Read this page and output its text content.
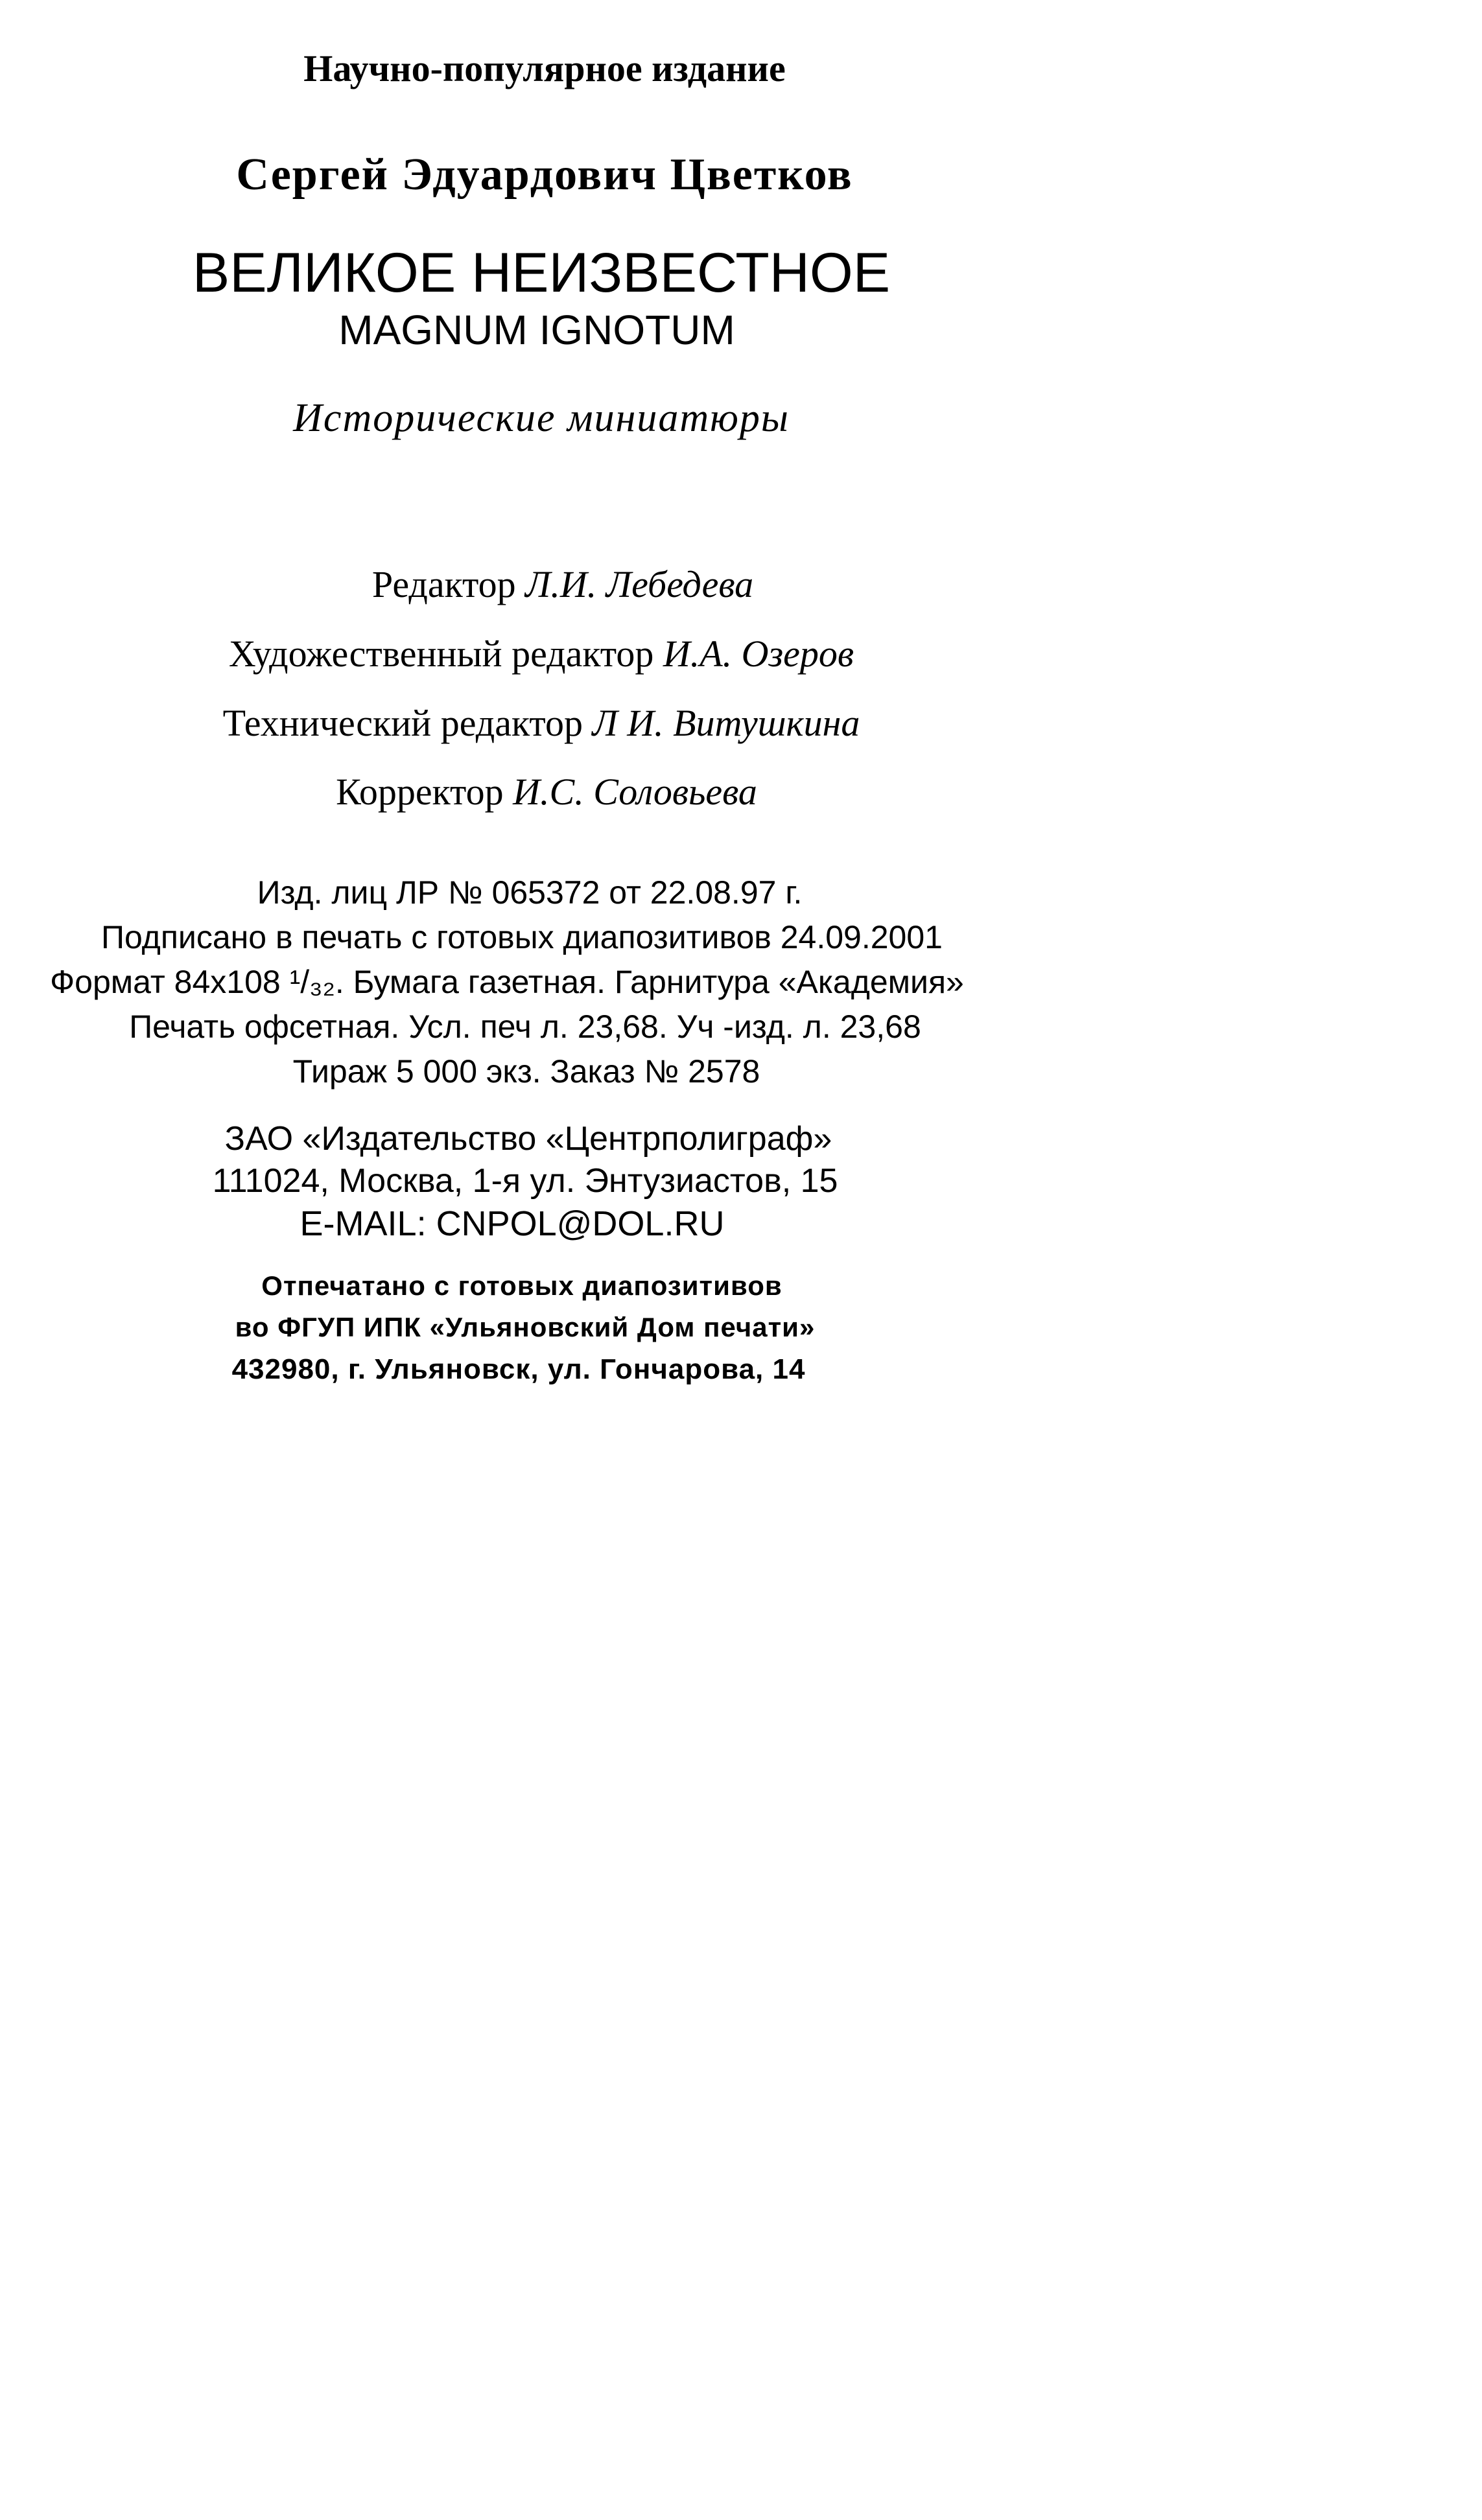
Научно-популярное издание
Сергей Эдуардович Цветков
ВЕЛИКОЕ НЕИЗВЕСТНОЕ
MAGNUM IGNOTUM
Исторические миниатюры
Редактор Л.И. Лебедева
Художественный редактор И.А. Озеров
Технический редактор Л И. Витушкина
Корректор И.С. Соловьева
Изд. лиц ЛР № 065372 от 22.08.97 г.
Подписано в печать с готовых диапозитивов 24.09.2001
Формат 84х108 ¹/₃₂. Бумага газетная. Гарнитура «Академия»
Печать офсетная. Усл. печ л. 23,68. Уч -изд. л. 23,68
Тираж 5 000 экз. Заказ № 2578
ЗАО «Издательство «Центрполиграф»
111024, Москва, 1-я ул. Энтузиастов, 15
E-MAIL: CNPOL@DOL.RU
Отпечатано с готовых диапозитивов
во ФГУП ИПК «Ульяновский Дом печати»
432980, г. Ульяновск, ул. Гончарова, 14
